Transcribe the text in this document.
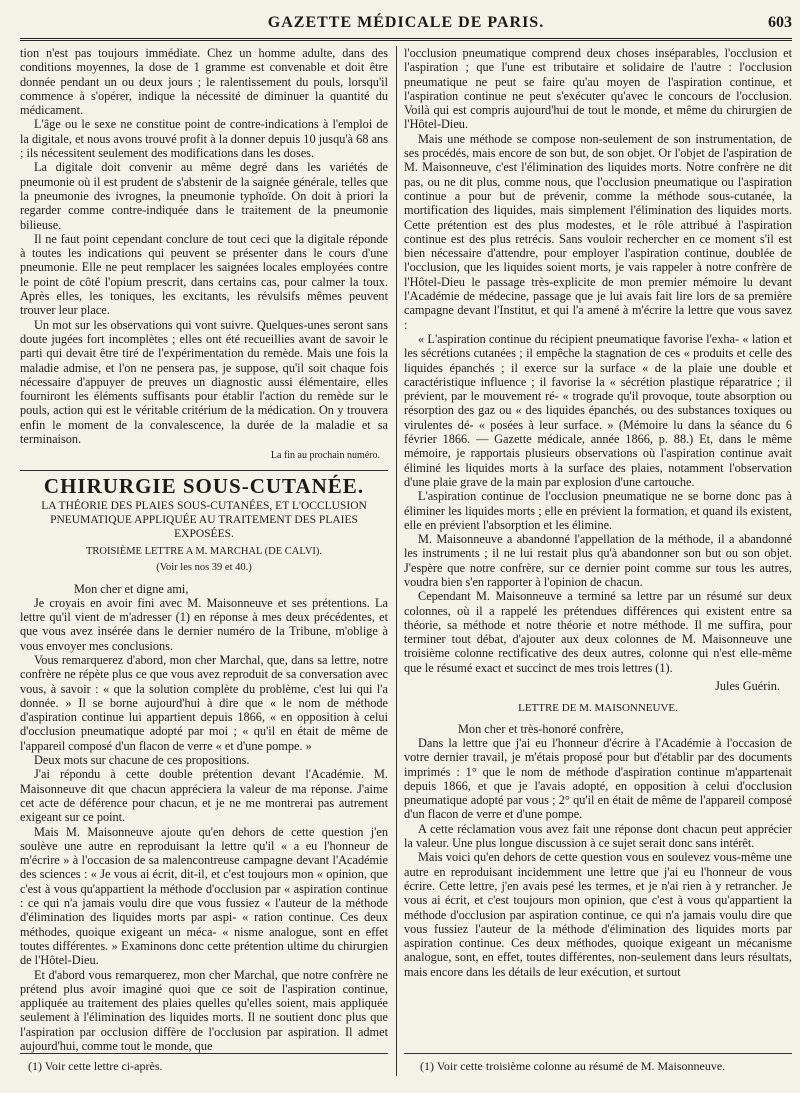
GAZETTE MÉDICALE DE PARIS.	603

tion n'est pas toujours immédiate. Chez un homme adulte, dans des conditions moyennes, la dose de 1 gramme est convenable et doit être donnée pendant un ou deux jours ; le ralentissement du pouls, lorsqu'il commence à s'opérer, indique la nécessité de diminuer la quantité du médicament.

L'âge ou le sexe ne constitue point de contre-indications à l'emploi de la digitale, et nous avons trouvé profit à la donner depuis 10 jusqu'à 68 ans ; ils nécessitent seulement des modifications dans les doses.

La digitale doit convenir au même degré dans les variétés de pneumonie où il est prudent de s'abstenir de la saignée générale, telles que la pneumonie des ivrognes, la pneumonie typhoïde. On doit à priori la regarder comme contre-indiquée dans le traitement de la pneumonie bilieuse.

Il ne faut point cependant conclure de tout ceci que la digitale réponde à toutes les indications qui peuvent se présenter dans le cours d'une pneumonie. Elle ne peut remplacer les saignées locales employées contre le point de côté l'opium prescrit, dans certains cas, pour calmer la toux. Après elles, les toniques, les excitants, les révulsifs mêmes peuvent trouver leur place.

Un mot sur les observations qui vont suivre. Quelques-unes seront sans doute jugées fort incomplètes ; elles ont été recueillies avant de savoir le parti qui devait être tiré de l'expérimentation du remède. Mais une fois la maladie admise, et l'on ne pensera pas, je suppose, qu'il soit chaque fois nécessaire d'appuyer de preuves un diagnostic aussi élémentaire, elles fourniront les éléments suffisants pour établir l'action du remède sur le pouls, action qui est le véritable critérium de la médication. On y trouvera enfin le moment de la convalescence, la durée de la maladie et sa terminaison.

La fin au prochain numéro.
CHIRURGIE SOUS-CUTANÉE.
LA THÉORIE DES PLAIES SOUS-CUTANÉES, ET L'OCCLUSION PNEUMATIQUE APPLIQUÉE AU TRAITEMENT DES PLAIES EXPOSÉES.
TROISIÈME LETTRE A M. MARCHAL (DE CALVI).
(Voir les nos 39 et 40.)

Mon cher et digne ami,

Je croyais en avoir fini avec M. Maisonneuve et ses prétentions. La lettre qu'il vient de m'adresser (1) en réponse à mes deux précédentes, et que vous avez insérée dans le dernier numéro de la Tribune, m'oblige à vous envoyer mes conclusions.

Vous remarquerez d'abord, mon cher Marchal, que, dans sa lettre, notre confrère ne répète plus ce que vous avez reproduit de sa conversation avec vous, à savoir : « que la solution complète du problème, c'est lui qui l'a donnée. » Il se borne aujourd'hui à dire que « le nom de méthode d'aspiration continue lui appartient depuis 1866, « en opposition à celui d'occlusion pneumatique adopté par moi ; « qu'il en était de même de l'appareil composé d'un flacon de verre « et d'une pompe. »

Deux mots sur chacune de ces propositions.

J'ai répondu à cette double prétention devant l'Académie. M. Maisonneuve dit que chacun appréciera la valeur de ma réponse. J'aime cet acte de déférence pour chacun, et je ne me montrerai pas autrement exigeant sur ce point.

Mais M. Maisonneuve ajoute qu'en dehors de cette question j'en soulève une autre en reproduisant la lettre qu'il « a eu l'honneur de m'écrire » à l'occasion de sa malencontreuse campagne devant l'Académie des sciences : « Je vous ai écrit, dit-il, et c'est toujours mon « opinion, que c'est à vous qu'appartient la méthode d'occlusion par « aspiration continue : ce qui n'a jamais voulu dire que vous fussiez « l'auteur de la méthode d'élimination des liquides morts par aspi- « ration continue. Ces deux méthodes, quoique exigeant un méca- « nisme analogue, sont en effet toutes différentes. » Examinons donc cette prétention ultime du chirurgien de l'Hôtel-Dieu.

Et d'abord vous remarquerez, mon cher Marchal, que notre confrère ne prétend plus avoir imaginé quoi que ce soit de l'aspiration continue, appliquée au traitement des plaies quelles qu'elles soient, mais appliquée seulement à l'élimination des liquides morts. Il ne soutient donc plus que l'aspiration par occlusion diffère de l'occlusion par aspiration. Il admet aujourd'hui, comme tout le monde, que

l'occlusion pneumatique comprend deux choses inséparables, l'occlusion et l'aspiration ; que l'une est tributaire et solidaire de l'autre : l'occlusion pneumatique ne peut se faire qu'au moyen de l'aspiration continue, et l'aspiration continue ne peut s'exécuter qu'avec le concours de l'occlusion. Voilà qui est compris aujourd'hui de tout le monde, et même du chirurgien de l'Hôtel-Dieu.

Mais une méthode se compose non-seulement de son instrumentation, de ses procédés, mais encore de son but, de son objet. Or l'objet de l'aspiration de M. Maisonneuve, c'est l'élimination des liquides morts. Notre confrère ne dit pas, ou ne dit plus, comme nous, que l'occlusion pneumatique ou l'aspiration continue a pour but de prévenir, comme la méthode sous-cutanée, la mortification des liquides, mais simplement l'élimination des liquides morts. Cette prétention est des plus modestes, et le rôle attribué à l'aspiration continue est des plus retrécis. Sans vouloir rechercher en ce moment s'il est bien nécessaire d'attendre, pour employer l'aspiration continue, doublée de l'occlusion, que les liquides soient morts, je vais rappeler à notre confrère de l'Hôtel-Dieu le passage très-explicite de mon premier mémoire lu devant l'Académie de médecine, passage que je lui avais fait lire lors de sa première campagne devant l'Institut, et qui l'a amené à m'écrire la lettre que vous savez :

« L'aspiration continue du récipient pneumatique favorise l'exha- « lation et les sécrétions cutanées ; il empêche la stagnation de ces « produits et celle des liquides épanchés ; il exerce sur la surface « de la plaie une double et caractéristique influence ; il favorise la « sécrétion plastique réparatrice ; il prévient, par le mouvement ré- « trograde qu'il provoque, toute absorption ou résorption des gaz ou « des liquides épanchés, ou des substances toxiques ou virulentes dé- « posées à leur surface. » (Mémoire lu dans la séance du 6 février 1866. — Gazette médicale, année 1866, p. 88.) Et, dans le même mémoire, je rapportais plusieurs observations où l'aspiration continue avait éliminé les liquides morts à la surface des plaies, notamment l'observation d'une plaie grave de la main par explosion d'une cartouche.

L'aspiration continue de l'occlusion pneumatique ne se borne donc pas à éliminer les liquides morts ; elle en prévient la formation, et quand ils existent, elle en prévient l'absorption et les élimine.

M. Maisonneuve a abandonné l'appellation de la méthode, il a abandonné les instruments ; il ne lui restait plus qu'à abandonner son but ou son objet. J'espère que notre confrère, sur ce dernier point comme sur tous les autres, voudra bien s'en rapporter à l'opinion de chacun.

Cependant M. Maisonneuve a terminé sa lettre par un résumé sur deux colonnes, où il a rappelé les prétendues différences qui existent entre sa théorie, sa méthode et notre théorie et notre méthode. Il me suffira, pour terminer tout débat, d'ajouter aux deux colonnes de M. Maisonneuve une troisième colonne rectificative des deux autres, colonne qui n'est elle-même que le résumé exact et succinct de mes trois lettres (1).

Jules Guérin.
LETTRE DE M. MAISONNEUVE.

Mon cher et très-honoré confrère,

Dans la lettre que j'ai eu l'honneur d'écrire à l'Académie à l'occasion de votre dernier travail, je m'étais proposé pour but d'établir par des documents imprimés : 1° que le nom de méthode d'aspiration continue m'appartenait depuis 1866, et que je l'avais adopté, en opposition à celui d'occlusion pneumatique adopté par vous ; 2° qu'il en était de même de l'appareil composé d'un flacon de verre et d'une pompe.

A cette réclamation vous avez fait une réponse dont chacun peut apprécier la valeur. Une plus longue discussion à ce sujet serait donc sans intérêt.

Mais voici qu'en dehors de cette question vous en soulevez vous-même une autre en reproduisant incidemment une lettre que j'ai eu l'honneur de vous écrire. Cette lettre, j'en avais pesé les termes, et je n'ai rien à y retrancher. Je vous ai écrit, et c'est toujours mon opinion, que c'est à vous qu'appartient la méthode d'occlusion par aspiration continue, ce qui n'a jamais voulu dire que vous fussiez l'auteur de la méthode d'élimination des liquides morts par aspiration continue. Ces deux méthodes, quoique exigeant un mécanisme analogue, sont, en effet, toutes différentes, non-seulement dans leurs résultats, mais encore dans les détails de leur exécution, et surtout

(1) Voir cette lettre ci-après.	(1) Voir cette troisième colonne au résumé de M. Maisonneuve.
